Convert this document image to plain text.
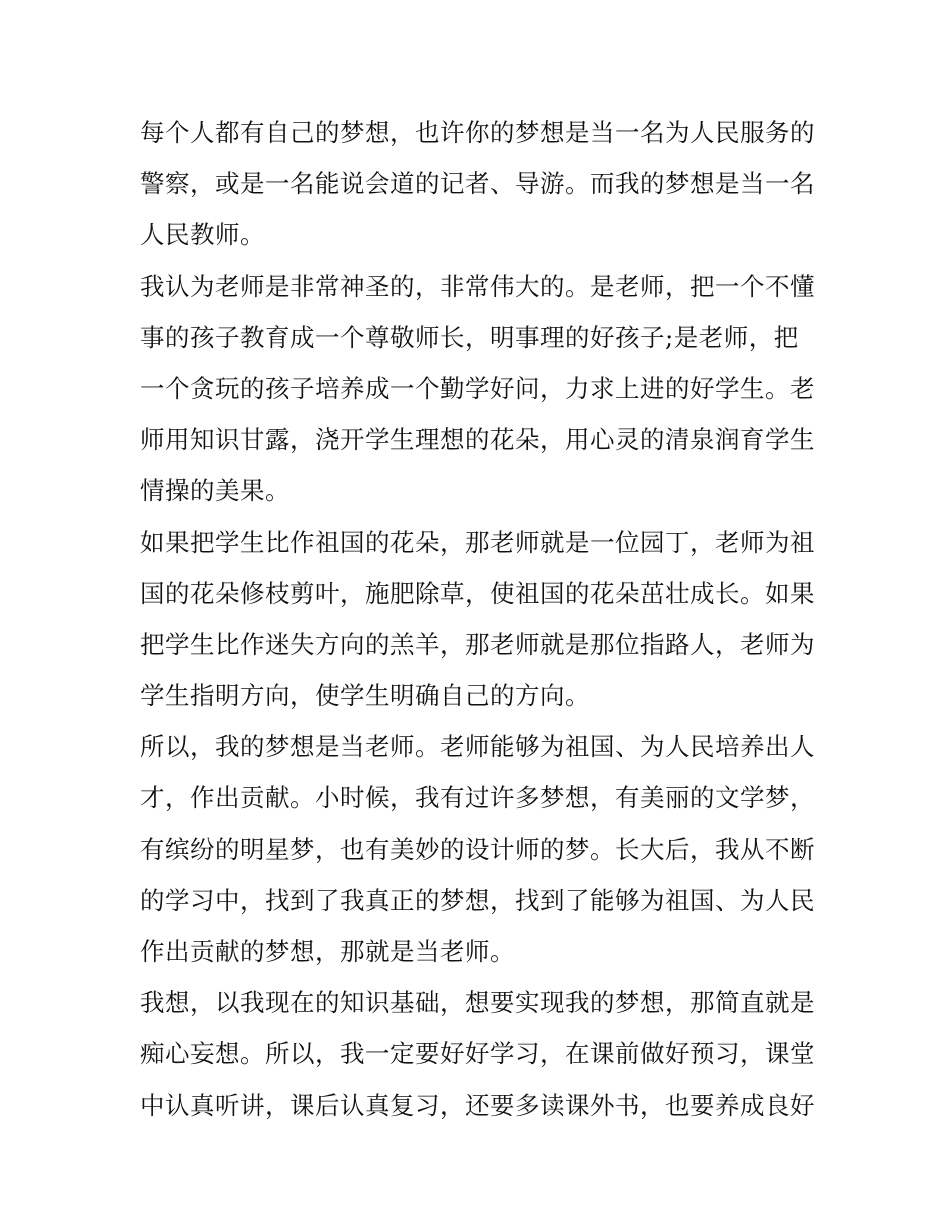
每个人都有自己的梦想，也许你的梦想是当一名为人民服务的
警察，或是一名能说会道的记者、导游。而我的梦想是当一名
人民教师。
我认为老师是非常神圣的，非常伟大的。是老师，把一个不懂
事的孩子教育成一个尊敬师长，明事理的好孩子;是老师，把
一个贪玩的孩子培养成一个勤学好问，力求上进的好学生。老
师用知识甘露，浇开学生理想的花朵，用心灵的清泉润育学生
情操的美果。
如果把学生比作祖国的花朵，那老师就是一位园丁，老师为祖
国的花朵修枝剪叶，施肥除草，使祖国的花朵茁壮成长。如果
把学生比作迷失方向的羔羊，那老师就是那位指路人，老师为
学生指明方向，使学生明确自己的方向。
所以，我的梦想是当老师。老师能够为祖国、为人民培养出人
才，作出贡献。小时候，我有过许多梦想，有美丽的文学梦，
有缤纷的明星梦，也有美妙的设计师的梦。长大后，我从不断
的学习中，找到了我真正的梦想，找到了能够为祖国、为人民
作出贡献的梦想，那就是当老师。
我想，以我现在的知识基础，想要实现我的梦想，那简直就是
痴心妄想。所以，我一定要好好学习，在课前做好预习，课堂
中认真听讲，课后认真复习，还要多读课外书，也要养成良好
